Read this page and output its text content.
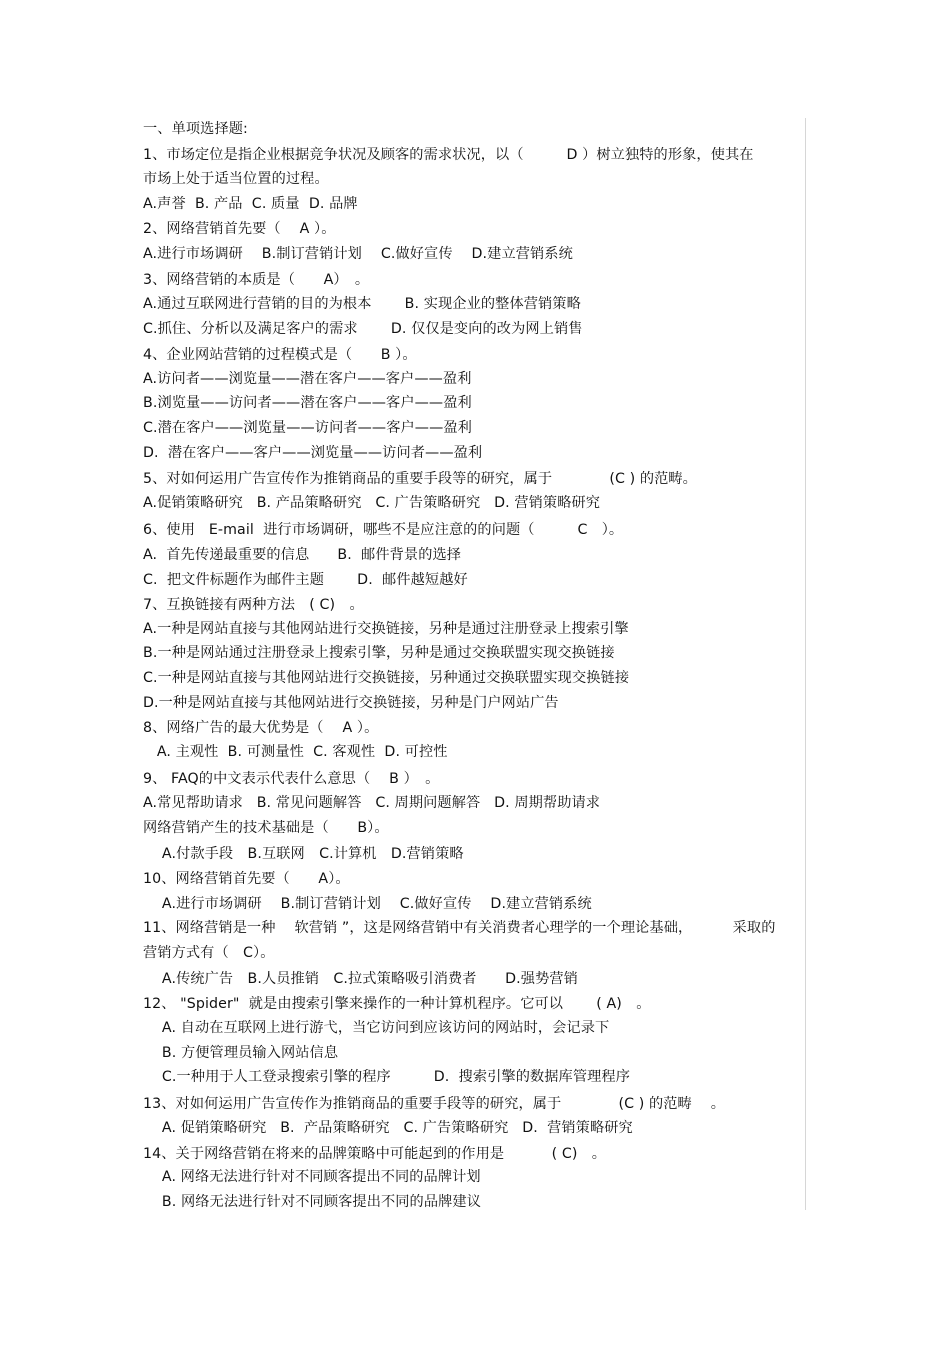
一、单项选择题:
1、市场定位是指企业根据竞争状况及顾客的需求状况，以（　　　D ）树立独特的形象，使其在
市场上处于适当位置的过程。
A.声誉  B. 产品  C. 质量  D. 品牌
2、网络营销首先要（　 A ）。
A.进行市场调研　 B.制订营销计划　 C.做好宣传　 D.建立营销系统
3、网络营销的本质是（　　A）　。
A.通过互联网进行营销的目的为根本　　 B. 实现企业的整体营销策略
C.抓住、分析以及满足客户的需求　　 D. 仅仅是变向的改为网上销售
4、企业网站营销的过程模式是（　　B ）。
A.访问者——浏览量——潜在客户——客户——盈利
B.浏览量——访问者——潜在客户——客户——盈利
C.潜在客户——浏览量——访问者——客户——盈利
D.  潜在客户——客户——浏览量——访问者——盈利
5、对如何运用广告宣传作为推销商品的重要手段等的研究，属于　　　　(C ) 的范畴。
A.促销策略研究   B. 产品策略研究   C. 广告策略研究   D. 营销策略研究
6、使用   E-mail  进行市场调研，哪些不是应注意的的问题（　　　C　）。
A.  首先传递最重要的信息　   B.  邮件背景的选择
C.  把文件标题作为邮件主题　　 D.  邮件越短越好
7、互换链接有两种方法　( C)　。
A.一种是网站直接与其他网站进行交换链接，另种是通过注册登录上搜索引擎
B.一种是网站通过注册登录上搜索引擎，另种是通过交换联盟实现交换链接
C.一种是网站直接与其他网站进行交换链接，另种通过交换联盟实现交换链接
D.一种是网站直接与其他网站进行交换链接，另种是门户网站广告
8、网络广告的最大优势是（　 A ）。
A. 主观性  B. 可测量性  C. 客观性  D. 可控性
9、 FAQ的中文表示代表什么意思（　 B ）　。
A.常见帮助请求   B. 常见问题解答   C. 周期问题解答   D. 周期帮助请求
网络营销产生的技术基础是（　　B）。
　 A.付款手段　B.互联网　C.计算机　D.营销策略
10、网络营销首先要（　　A）。
　 A.进行市场调研　 B.制订营销计划　 C.做好宣传　 D.建立营销系统
11、网络营销是一种　 软营销 ”，这是网络营销中有关消费者心理学的一个理论基础，　　　 采取的
营销方式有（　C）。
　 A.传统广告　B.人员推销　C.拉式策略吸引消费者　　D.强势营销
12、 "Spider"  就是由搜索引擎来操作的一种计算机程序。它可以　　 ( A)　。
　 A. 自动在互联网上进行游弋，当它访问到应该访问的网站时，会记录下
　 B. 方便管理员输入网站信息
　 C.一种用于人工登录搜索引擎的程序　　　D.  搜索引擎的数据库管理程序
13、对如何运用广告宣传作为推销商品的重要手段等的研究，属于　　　　(C ) 的范畴　 。
　 A. 促销策略研究   B.  产品策略研究   C. 广告策略研究   D.  营销策略研究
14、关于网络营销在将来的品牌策略中可能起到的作用是　　　 ( C)　。
　 A. 网络无法进行针对不同顾客提出不同的品牌计划
　 B. 网络无法进行针对不同顾客提出不同的品牌建议
